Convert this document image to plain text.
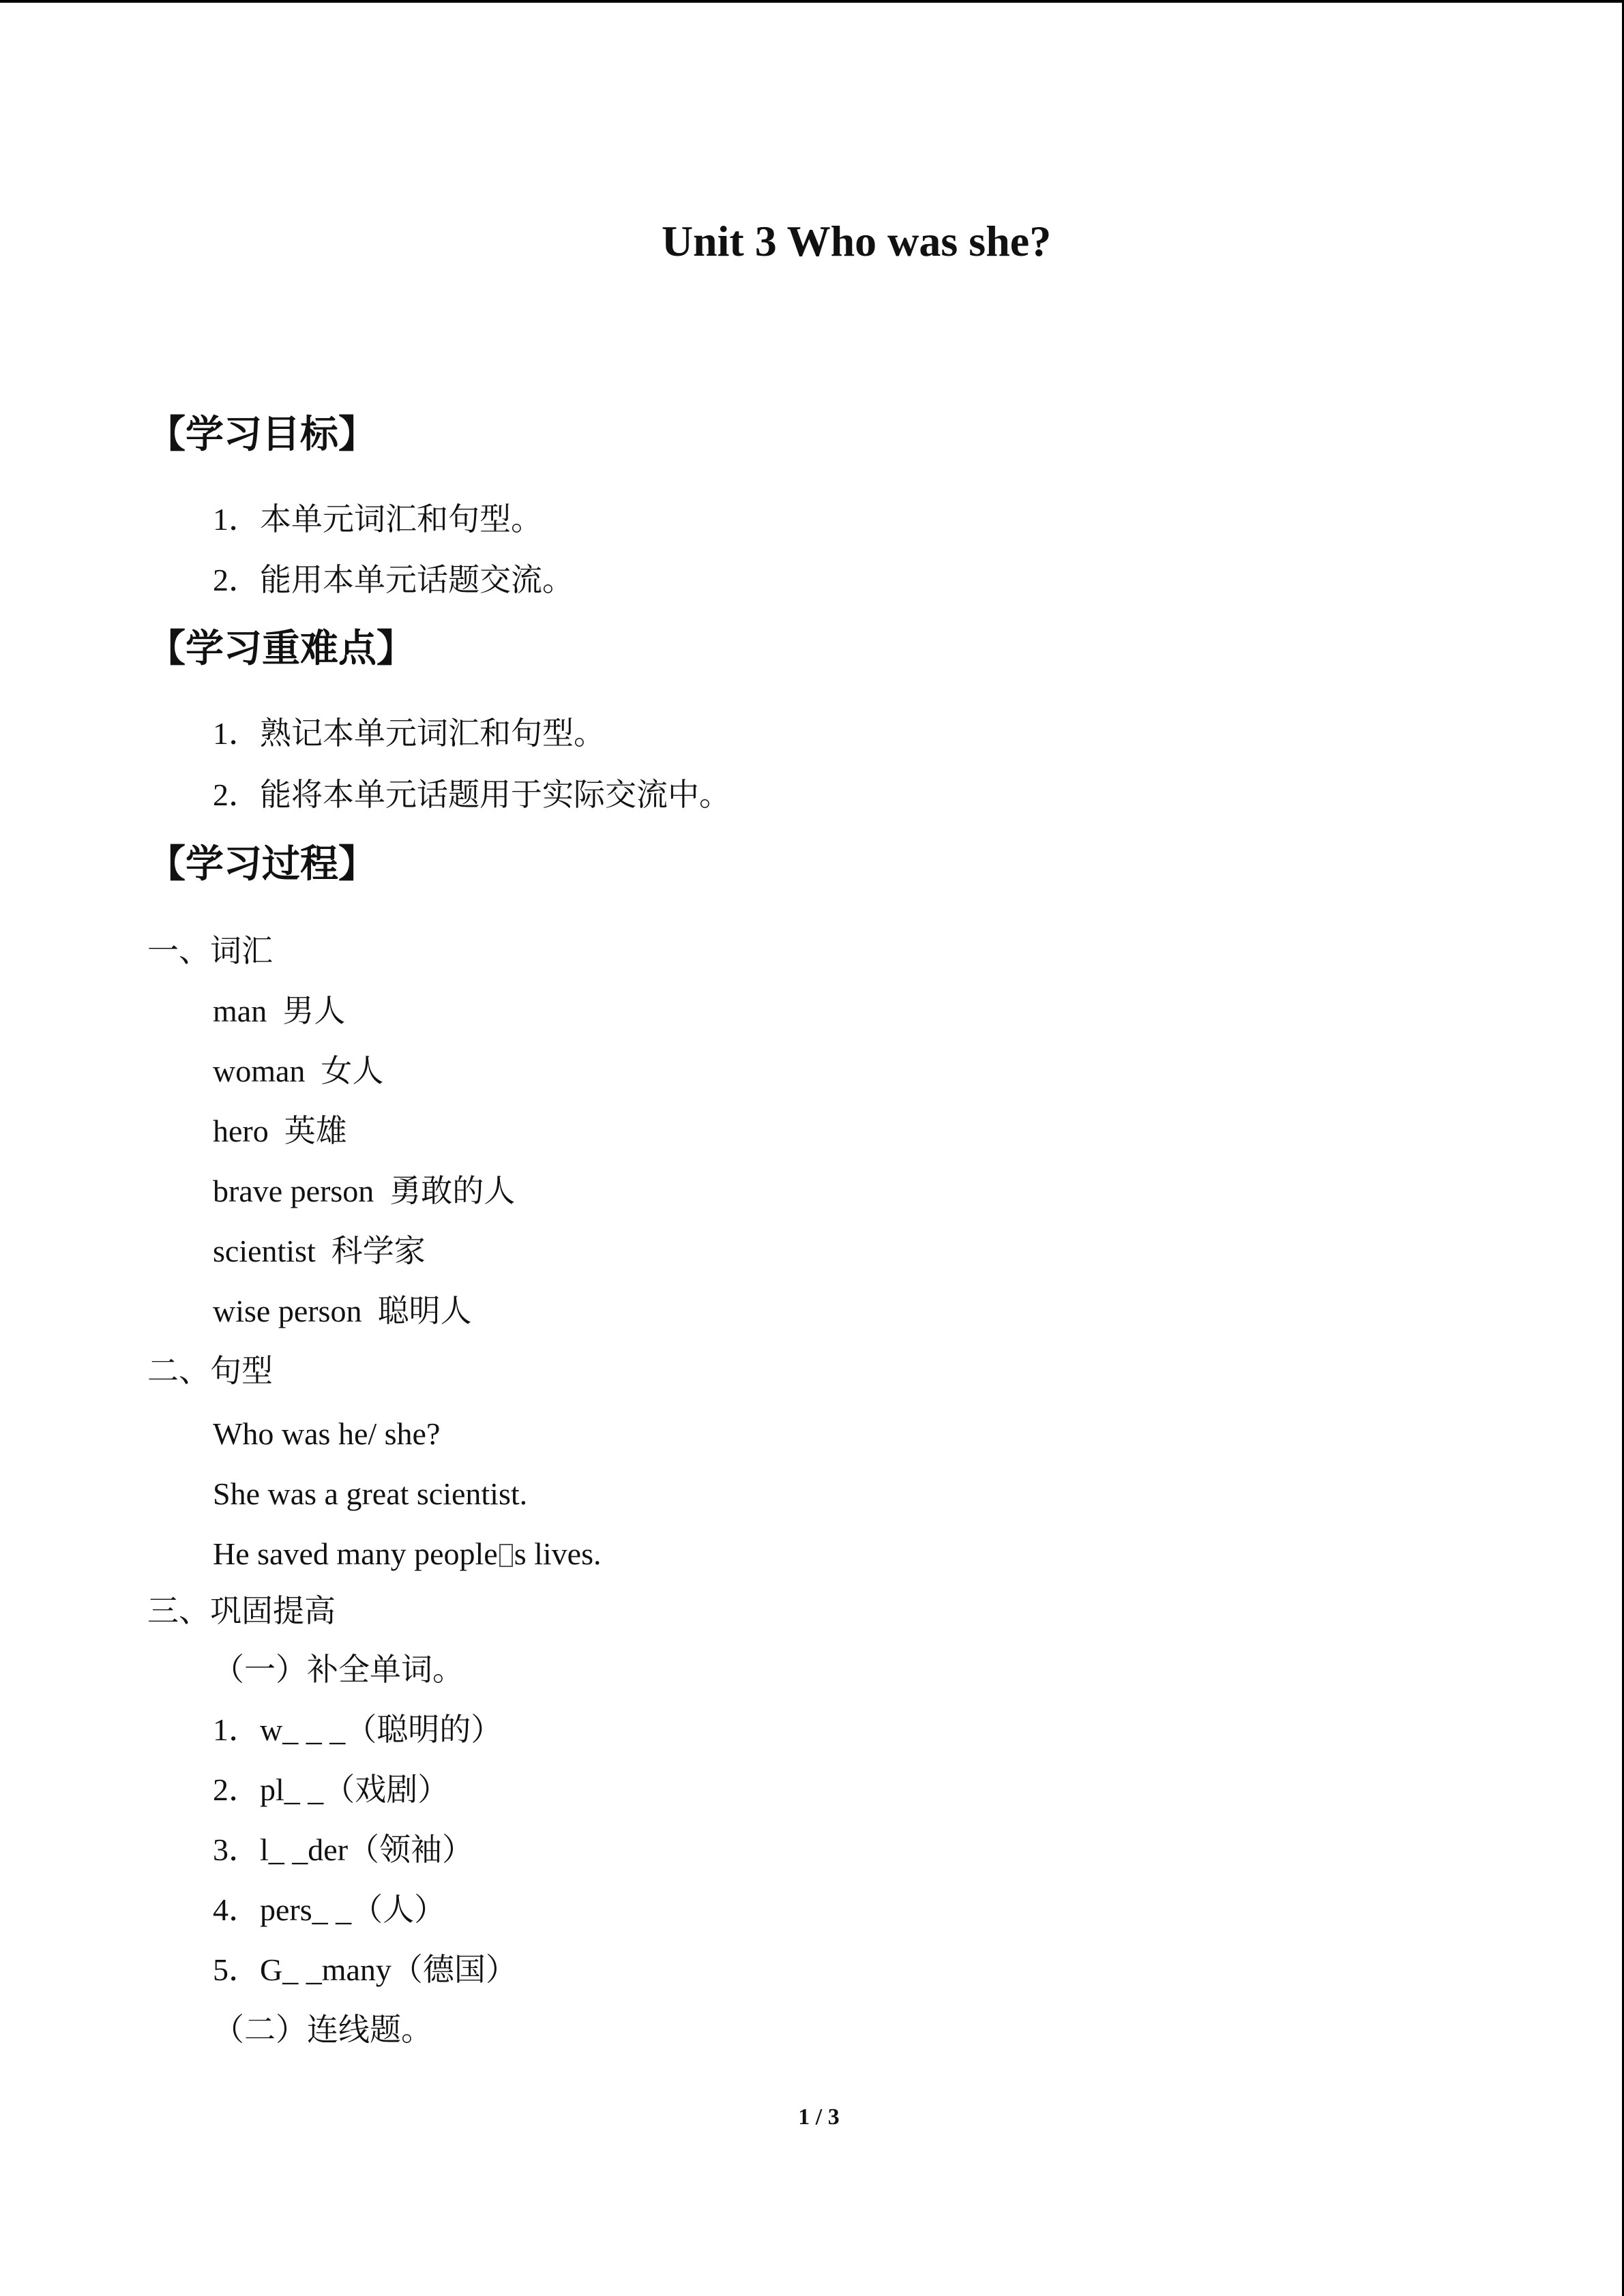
Unit 3 Who was she?
【学习目标】
1．本单元词汇和句型。
2．能用本单元话题交流。
【学习重难点】
1．熟记本单元词汇和句型。
2．能将本单元话题用于实际交流中。
【学习过程】
一、词汇
man  男人
woman  女人
hero  英雄
brave person  勇敢的人
scientist  科学家
wise person  聪明人
二、句型
Who was he/ she?
She was a great scientist.
He saved many people s lives.
三、巩固提高
（一）补全单词。
1．w_ _ _（聪明的）
2．pl_ _（戏剧）
3．l_ _der（领袖）
4．pers_ _（人）
5．G_ _many（德国）
（二）连线题。
1 / 3
